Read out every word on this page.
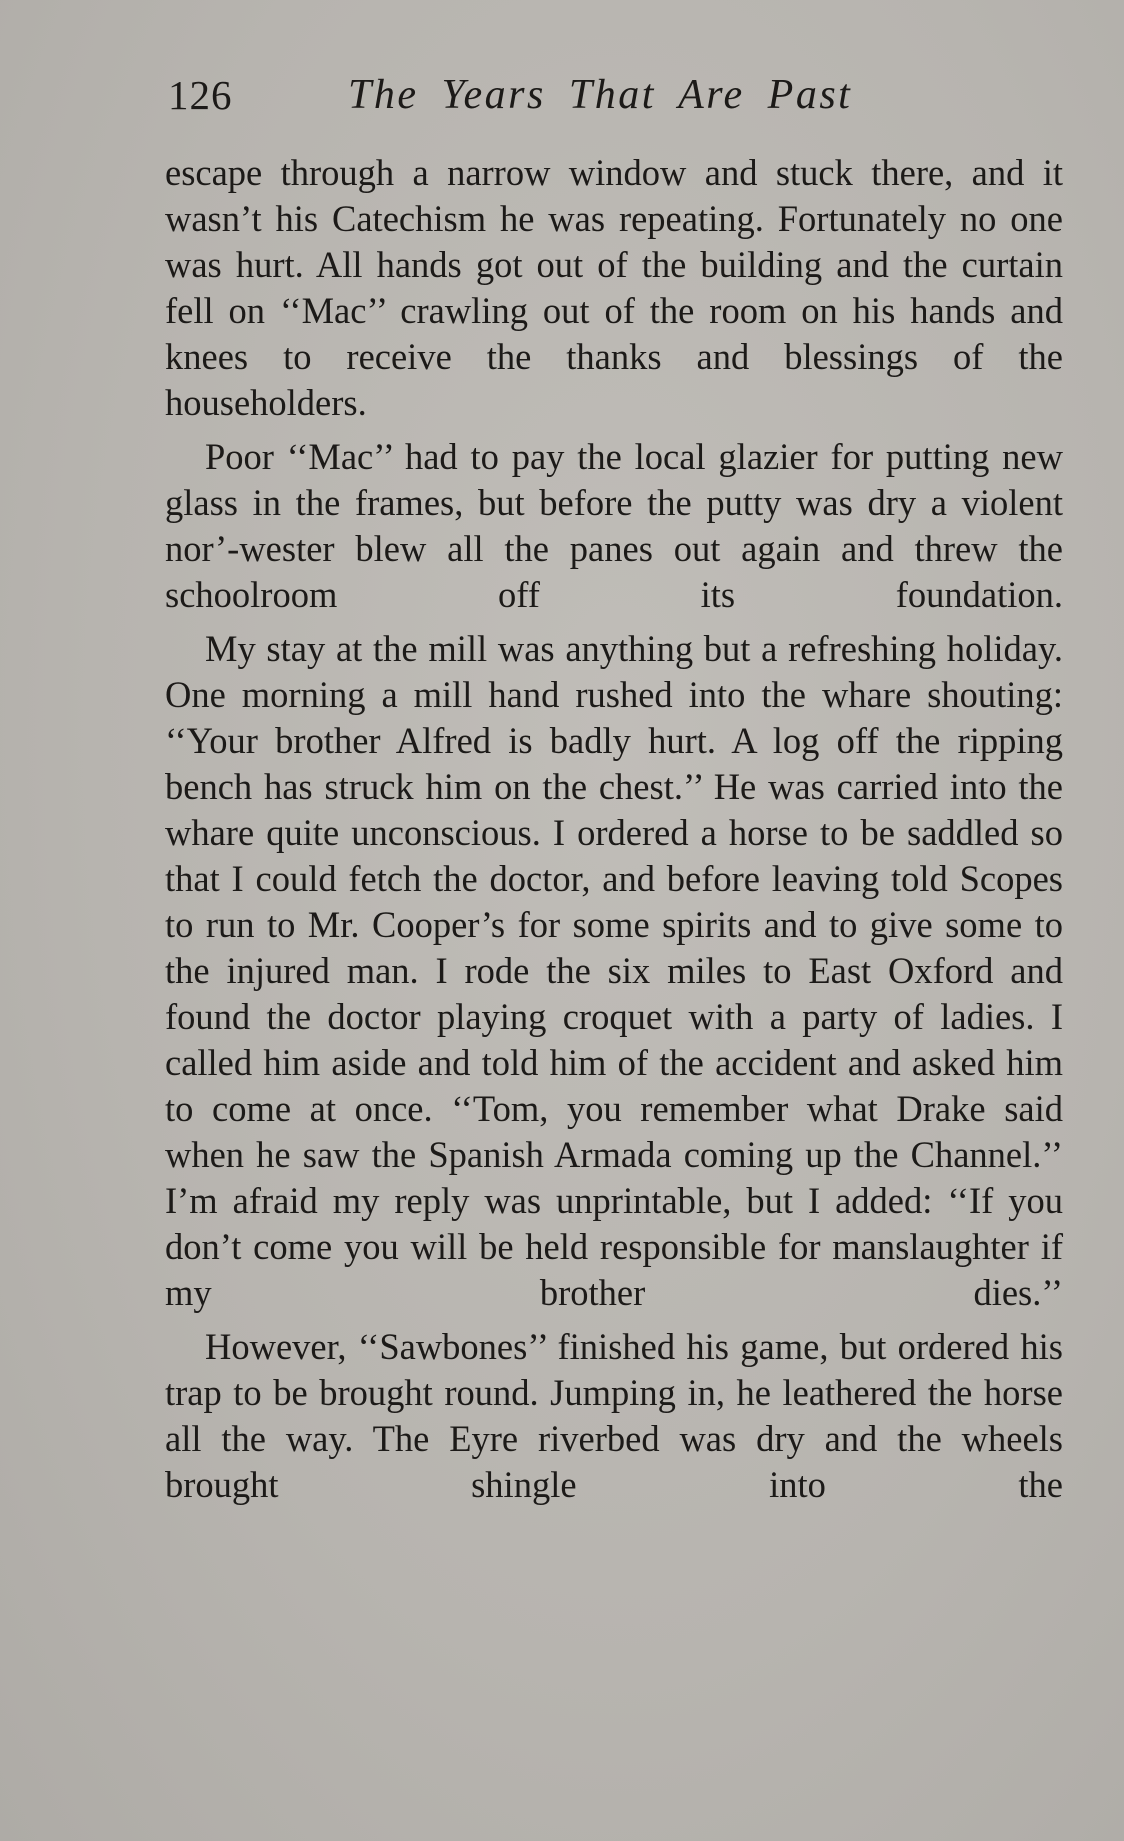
126	The Years That Are Past

escape through a narrow window and stuck there, and it wasn’t his Catechism he was repeating. Fortunately no one was hurt. All hands got out of the building and the curtain fell on ‘‘Mac’’ crawling out of the room on his hands and knees to receive the thanks and blessings of the householders.

Poor ‘‘Mac’’ had to pay the local glazier for putting new glass in the frames, but before the putty was dry a violent nor’-wester blew all the panes out again and threw the schoolroom off its foundation.

My stay at the mill was anything but a refreshing holiday. One morning a mill hand rushed into the whare shouting: ‘‘Your brother Alfred is badly hurt. A log off the ripping bench has struck him on the chest.’’ He was carried into the whare quite unconscious. I ordered a horse to be saddled so that I could fetch the doctor, and before leaving told Scopes to run to Mr. Cooper’s for some spirits and to give some to the injured man. I rode the six miles to East Oxford and found the doctor playing croquet with a party of ladies. I called him aside and told him of the accident and asked him to come at once. ‘‘Tom, you remember what Drake said when he saw the Spanish Armada coming up the Channel.’’ I’m afraid my reply was unprintable, but I added: ‘‘If you don’t come you will be held responsible for manslaughter if my brother dies.’’

However, ‘‘Sawbones’’ finished his game, but ordered his trap to be brought round. Jumping in, he leathered the horse all the way. The Eyre riverbed was dry and the wheels brought shingle into the
